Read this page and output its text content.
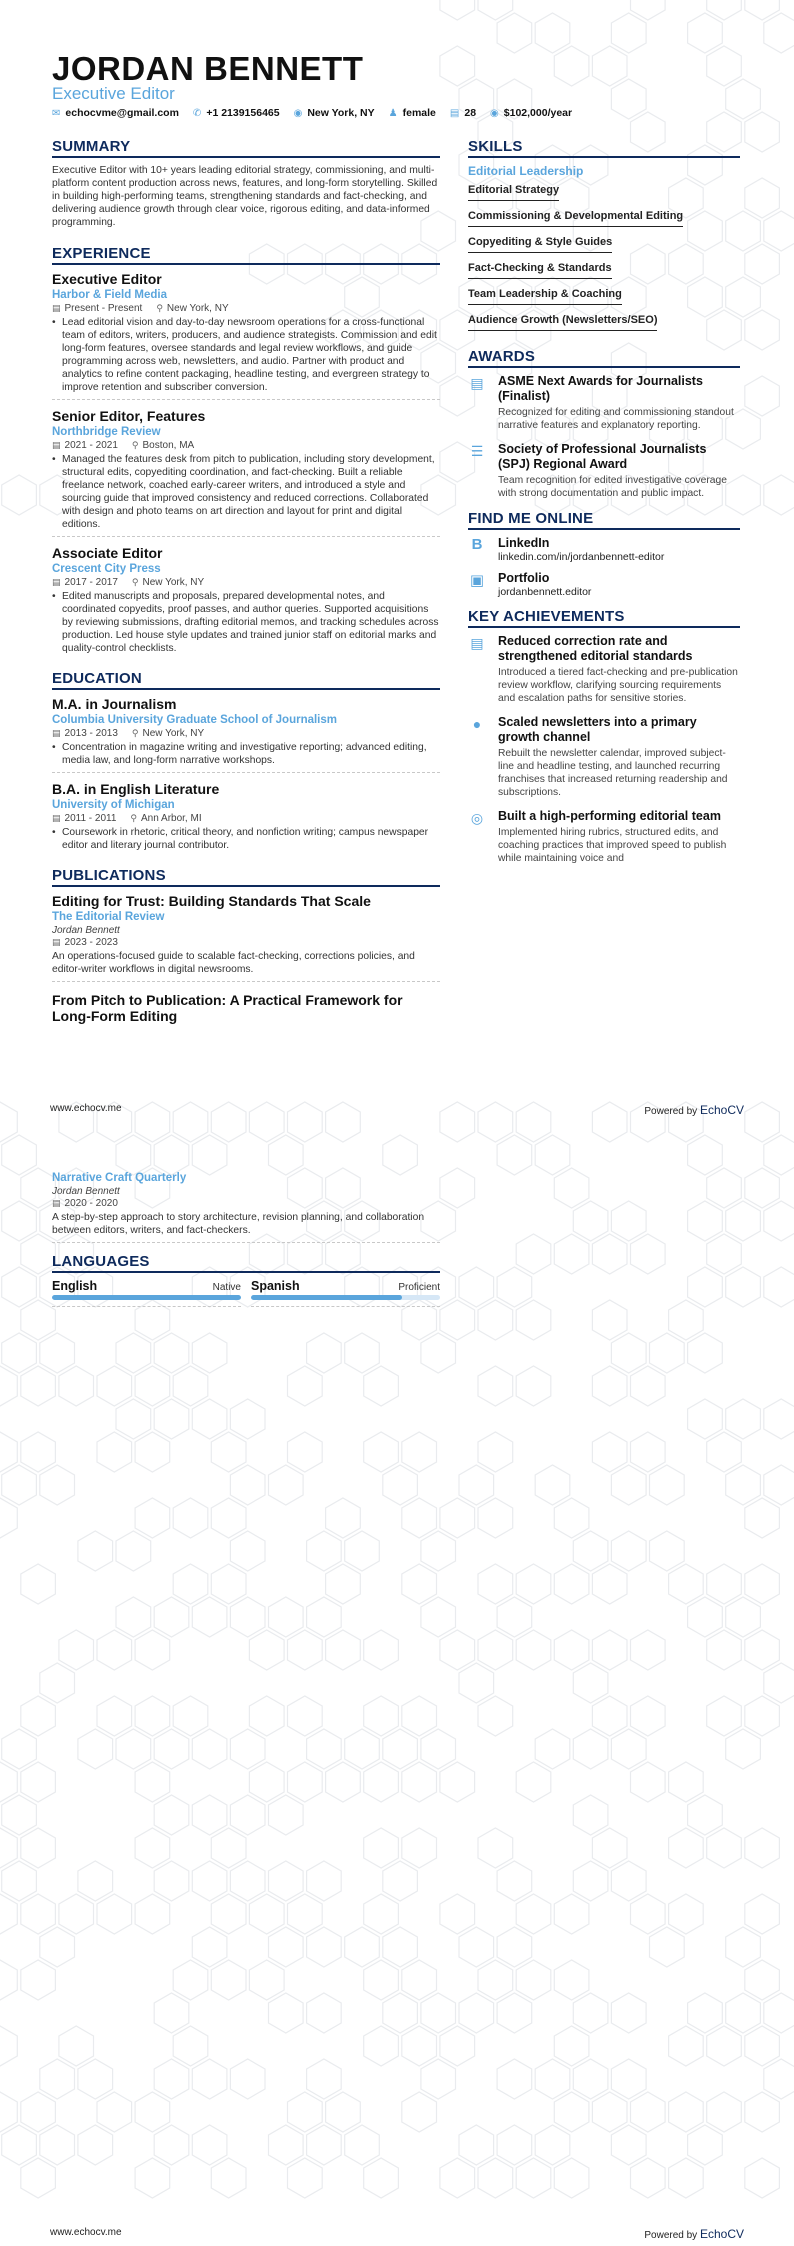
JORDAN BENNETT
Executive Editor
✉ echocvme@gmail.com ✆ +1 2139156465 ◉ New York, NY ♟ female ▤ 28 ◉ $102,000/year
SUMMARY
Executive Editor with 10+ years leading editorial strategy, commissioning, and multi-platform content production across news, features, and long-form storytelling. Skilled in building high-performing teams, strengthening standards and fact-checking, and delivering audience growth through clear voice, rigorous editing, and data-informed programming.
EXPERIENCE
Executive Editor
Harbor & Field Media
▤ Present - Present ⚲ New York, NY
• Lead editorial vision and day-to-day newsroom operations for a cross-functional team of editors, writers, producers, and audience strategists. Commission and edit long-form features, oversee standards and legal review workflows, and guide programming across web, newsletters, and audio. Partner with product and analytics to refine content packaging, headline testing, and evergreen strategy to improve retention and subscriber conversion.
Senior Editor, Features
Northbridge Review
▤ 2021 - 2021 ⚲ Boston, MA
• Managed the features desk from pitch to publication, including story development, structural edits, copyediting coordination, and fact-checking. Built a reliable freelance network, coached early-career writers, and introduced a style and sourcing guide that improved consistency and reduced corrections. Collaborated with design and photo teams on art direction and layout for print and digital editions.
Associate Editor
Crescent City Press
▤ 2017 - 2017 ⚲ New York, NY
• Edited manuscripts and proposals, prepared developmental notes, and coordinated copyedits, proof passes, and author queries. Supported acquisitions by reviewing submissions, drafting editorial memos, and tracking schedules across production. Led house style updates and trained junior staff on editorial marks and quality-control checklists.
EDUCATION
M.A. in Journalism
Columbia University Graduate School of Journalism
▤ 2013 - 2013 ⚲ New York, NY
• Concentration in magazine writing and investigative reporting; advanced editing, media law, and long-form narrative workshops.
B.A. in English Literature
University of Michigan
▤ 2011 - 2011 ⚲ Ann Arbor, MI
• Coursework in rhetoric, critical theory, and nonfiction writing; campus newspaper editor and literary journal contributor.
PUBLICATIONS
Editing for Trust: Building Standards That Scale
The Editorial Review
Jordan Bennett
▤ 2023 - 2023
An operations-focused guide to scalable fact-checking, corrections policies, and editor-writer workflows in digital newsrooms.
From Pitch to Publication: A Practical Framework for Long-Form Editing
SKILLS
Editorial Leadership
Editorial Strategy
Commissioning & Developmental Editing
Copyediting & Style Guides
Fact-Checking & Standards
Team Leadership & Coaching
Audience Growth (Newsletters/SEO)
AWARDS
▤ ASME Next Awards for Journalists (Finalist)
Recognized for editing and commissioning standout narrative features and explanatory reporting.
☰ Society of Professional Journalists (SPJ) Regional Award
Team recognition for edited investigative coverage with strong documentation and public impact.
FIND ME ONLINE
B LinkedIn
linkedin.com/in/jordanbennett-editor
▣ Portfolio
jordanbennett.editor
KEY ACHIEVEMENTS
▤ Reduced correction rate and strengthened editorial standards
Introduced a tiered fact-checking and pre-publication review workflow, clarifying sourcing requirements and escalation paths for sensitive stories.
●	Scaled newsletters into a primary growth channel
Rebuilt the newsletter calendar, improved subject-line and headline testing, and launched recurring franchises that increased returning readership and subscriptions.
◎ Built a high-performing editorial team
Implemented hiring rubrics, structured edits, and coaching practices that improved speed to publish while maintaining voice and
www.echocv.me	Powered by EchoCV
Narrative Craft Quarterly
Jordan Bennett
▤ 2020 - 2020
A step-by-step approach to story architecture, revision planning, and collaboration between editors, writers, and fact-checkers.
LANGUAGES
English	Native Spanish	Proficient
www.echocv.me	Powered by EchoCV
